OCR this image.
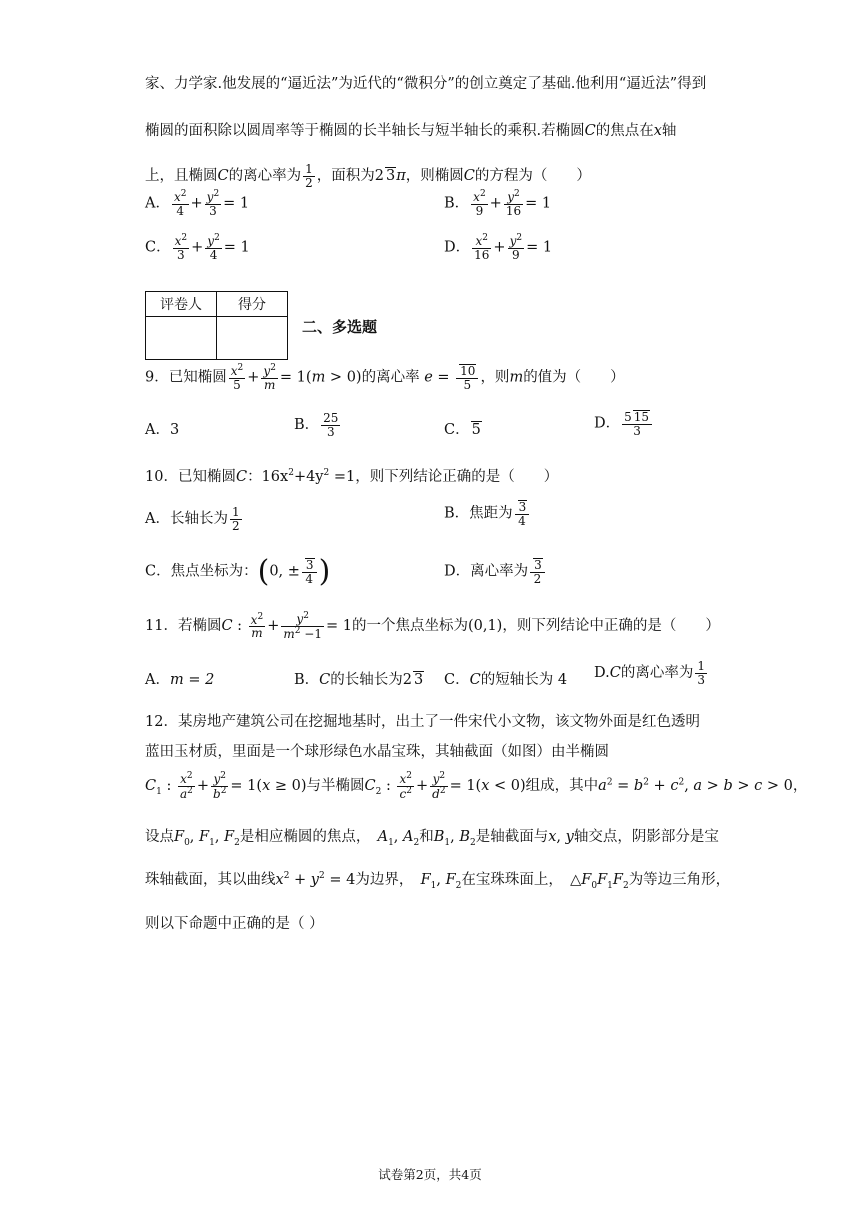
家、力学家.他发展的“逼近法”为近代的“微积分”的创立奠定了基础.他利用“逼近法”得到
椭圆的面积除以圆周率等于椭圆的长半轴长与短半轴长的乘积.若椭圆C的焦点在x轴
上，且椭圆C的离心率为 $\frac{1}{2}$ ，面积为2 3π，则椭圆C的方程为（　　）
A． $\frac{x^2}{4} + \frac{y^2}{3} = 1$	B． $\frac{x^2}{9} + \frac{y^2}{16} = 1$
C． $\frac{x^2}{3} + \frac{y^2}{4} = 1$	D． $\frac{x^2}{16} + \frac{y^2}{9} = 1$
评卷人	得分

二、多选题
9．已知椭圆 $\frac{x^2}{5} + \frac{y^2}{m} = 1(m > 0)$的离心率 $e = \frac{10}{5}$ ，则m的值为（　　）
A．3	B． $\frac{25}{3}$	C． 5	D． $\frac{5 15}{3}$
10．已知椭圆C：$16x^2+4y^2 =1$，则下列结论正确的是（　　）
A．长轴长为 $\frac{1}{2}$	B．焦距为 $\frac{3}{4}$
C．焦点坐标为：(0, ± $\frac{3}{4}$ )	D．离心率为 $\frac{3}{2}$
11．若椭圆C : $\frac{x^2}{m} + \frac{y^2}{m^2 -1} = 1$的一个焦点坐标为(0,1)，则下列结论中正确的是（　　）
A．m = 2	B．C的长轴长为2 3 C．C的短轴长为 4 D.C的离心率为 $\frac{1}{3}$
12．某房地产建筑公司在挖掘地基时，出土了一件宋代小文物，该文物外面是红色透明
蓝田玉材质，里面是一个球形绿色水晶宝珠，其轴截面（如图）由半椭圆
$C_1$ : $\frac{x^2}{a^2} + \frac{y^2}{b^2} = 1(x \ge 0)$与半椭圆$C_2$ : $\frac{x^2}{c^2} + \frac{y^2}{d^2} = 1(x < 0)$组成，其中$a^2 = b^2 + c^2$, a > b > c > 0，
设点$F_0$, $F_1$, $F_2$是相应椭圆的焦点，　 $A_1$, $A_2$和$B_1$, $B_2$是轴截面与x, y轴交点，阴影部分是宝
珠轴截面，其以曲线$x^2 + y^2 = 4$为边界，　 $F_1$, $F_2$在宝珠珠面上，　$\triangle F_0F_1F_2$为等边三角形，
则以下命题中正确的是（ ）
试卷第2页，共4页
